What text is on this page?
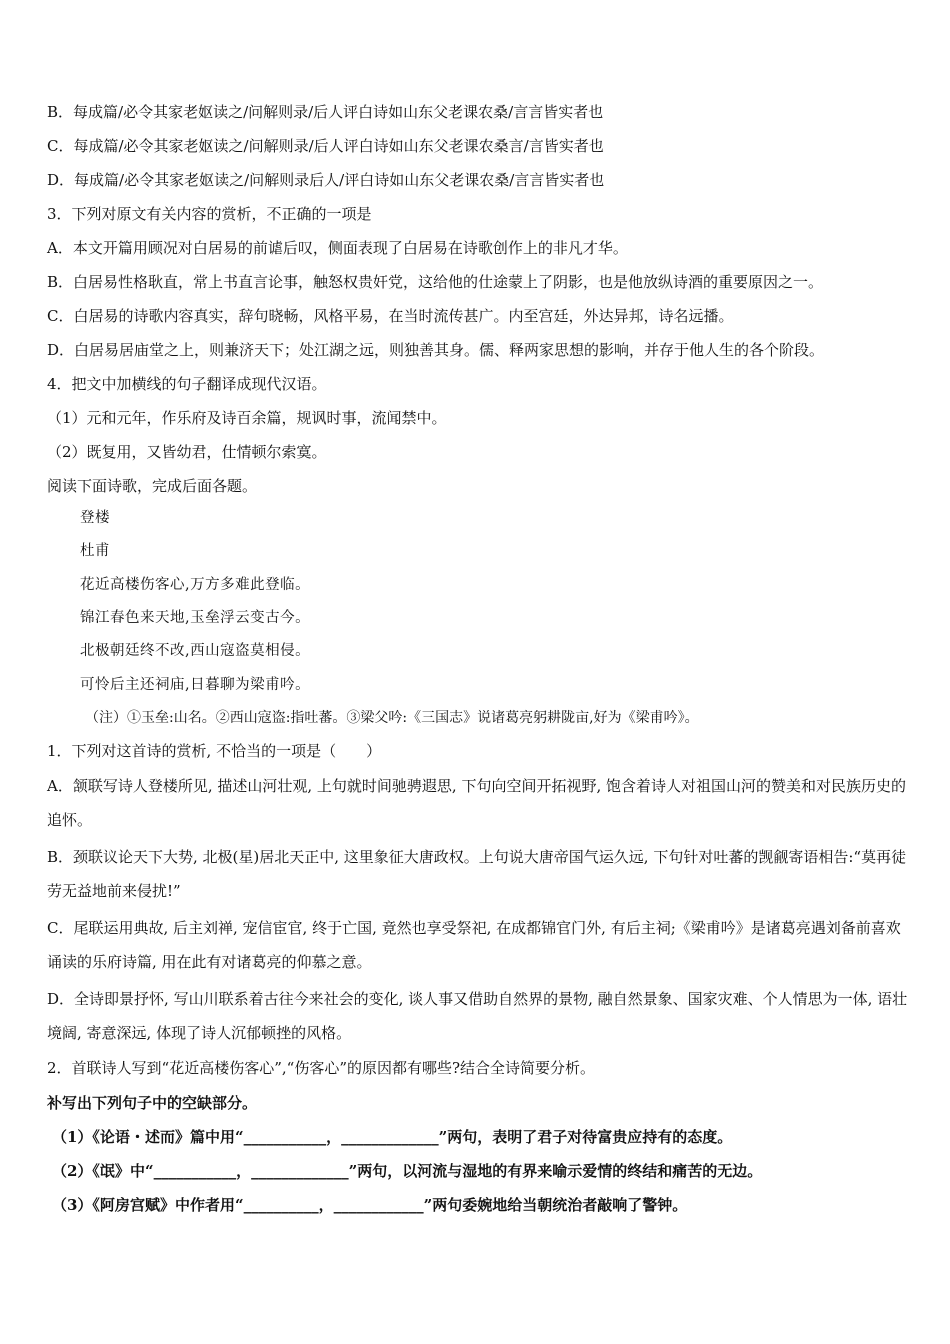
B．每成篇/必令其家老妪读之/问解则录/后人评白诗如山东父老课农桑/言言皆实者也
C．每成篇/必令其家老妪读之/问解则录/后人评白诗如山东父老课农桑言/言皆实者也
D．每成篇/必令其家老妪读之/问解则录后人/评白诗如山东父老课农桑/言言皆实者也
3．下列对原文有关内容的赏析，不正确的一项是
A．本文开篇用顾况对白居易的前谑后叹，侧面表现了白居易在诗歌创作上的非凡才华。
B．白居易性格耿直，常上书直言论事，触怒权贵奸党，这给他的仕途蒙上了阴影，也是他放纵诗酒的重要原因之一。
C．白居易的诗歌内容真实，辞句晓畅，风格平易，在当时流传甚广。内至宫廷，外达异邦，诗名远播。
D．白居易居庙堂之上，则兼济天下；处江湖之远，则独善其身。儒、释两家思想的影响，并存于他人生的各个阶段。
4．把文中加横线的句子翻译成现代汉语。
（1）元和元年，作乐府及诗百余篇，规讽时事，流闻禁中。
（2）既复用，又皆幼君，仕情顿尔索寞。
阅读下面诗歌，完成后面各题。
登楼
杜甫
花近高楼伤客心,万方多难此登临。
锦江春色来天地,玉垒浮云变古今。
北极朝廷终不改,西山寇盗莫相侵。
可怜后主还祠庙,日暮聊为梁甫吟。
（注）①玉垒:山名。②西山寇盗:指吐蕃。③梁父吟:《三国志》说诸葛亮躬耕陇亩,好为《梁甫吟》。
1．下列对这首诗的赏析, 不恰当的一项是（　　）
A．颔联写诗人登楼所见, 描述山河壮观, 上句就时间驰骋遐思, 下句向空间开拓视野, 饱含着诗人对祖国山河的赞美和对民族历史的追怀。
B．颈联议论天下大势, 北极(星)居北天正中, 这里象征大唐政权。上句说大唐帝国气运久远, 下句针对吐蕃的觊觎寄语相告:“莫再徒劳无益地前来侵扰!”
C．尾联运用典故, 后主刘禅, 宠信宦官, 终于亡国, 竟然也享受祭祀, 在成都锦官门外, 有后主祠;《梁甫吟》是诸葛亮遇刘备前喜欢诵读的乐府诗篇, 用在此有对诸葛亮的仰慕之意。
D．全诗即景抒怀, 写山川联系着古往今来社会的变化, 谈人事又借助自然界的景物, 融自然景象、国家灾难、个人情思为一体, 语壮境阔, 寄意深远, 体现了诗人沉郁顿挫的风格。
2．首联诗人写到“花近高楼伤客心”,“伤客心”的原因都有哪些?结合全诗简要分析。
补写出下列句子中的空缺部分。
（1）《论语・述而》篇中用“___________，_____________”两句，表明了君子对待富贵应持有的态度。
（2）《氓》中“___________，_____________”两句，以河流与湿地的有界来喻示爱情的终结和痛苦的无边。
（3）《阿房宫赋》中作者用“__________，____________”两句委婉地给当朝统治者敲响了警钟。
